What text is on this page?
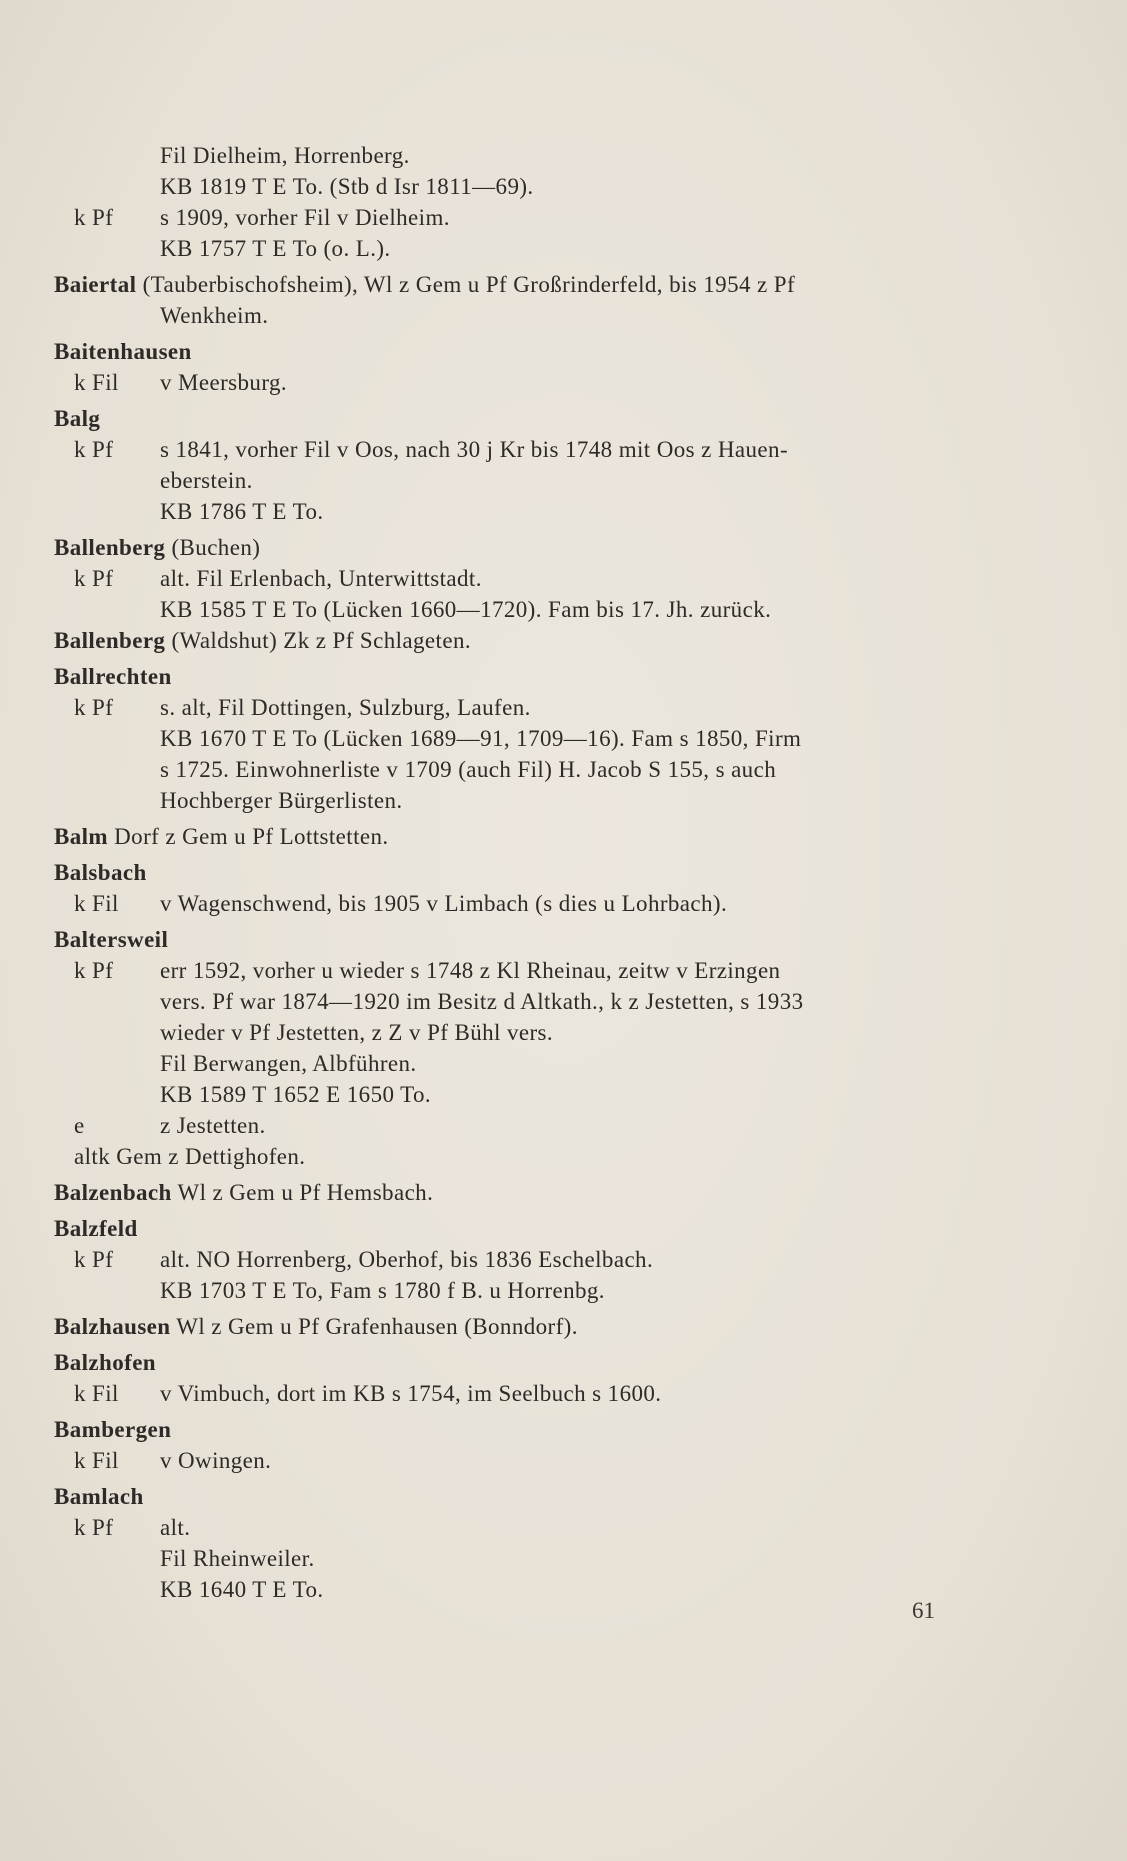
Fil Dielheim, Horrenberg.
KB 1819 T E To. (Stb d Isr 1811—69).
k Pf s 1909, vorher Fil v Dielheim.
KB 1757 T E To (o. L.).
Baiertal (Tauberbischofsheim), Wl z Gem u Pf Großrinderfeld, bis 1954 z Pf
Wenkheim.
Baitenhausen
k Fil v Meersburg.
Balg
k Pf s 1841, vorher Fil v Oos, nach 30 j Kr bis 1748 mit Oos z Hauen-
eberstein.
KB 1786 T E To.
Ballenberg (Buchen)
k Pf alt. Fil Erlenbach, Unterwittstadt.
KB 1585 T E To (Lücken 1660—1720). Fam bis 17. Jh. zurück.
Ballenberg (Waldshut) Zk z Pf Schlageten.
Ballrechten
k Pf s. alt, Fil Dottingen, Sulzburg, Laufen.
KB 1670 T E To (Lücken 1689—91, 1709—16). Fam s 1850, Firm
s 1725. Einwohnerliste v 1709 (auch Fil) H. Jacob S 155, s auch
Hochberger Bürgerlisten.
Balm Dorf z Gem u Pf Lottstetten.
Balsbach
k Fil v Wagenschwend, bis 1905 v Limbach (s dies u Lohrbach).
Baltersweil
k Pf err 1592, vorher u wieder s 1748 z Kl Rheinau, zeitw v Erzingen
vers. Pf war 1874—1920 im Besitz d Altkath., k z Jestetten, s 1933
wieder v Pf Jestetten, z Z v Pf Bühl vers.
Fil Berwangen, Albführen.
KB 1589 T 1652 E 1650 To.
e	z Jestetten.
altk Gem z Dettighofen.
Balzenbach Wl z Gem u Pf Hemsbach.
Balzfeld
k Pf alt. NO Horrenberg, Oberhof, bis 1836 Eschelbach.
KB 1703 T E To, Fam s 1780 f B. u Horrenbg.
Balzhausen Wl z Gem u Pf Grafenhausen (Bonndorf).
Balzhofen
k Fil v Vimbuch, dort im KB s 1754, im Seelbuch s 1600.
Bambergen
k Fil v Owingen.
Bamlach
k Pf alt.
Fil Rheinweiler.
KB 1640 T E To.
61
